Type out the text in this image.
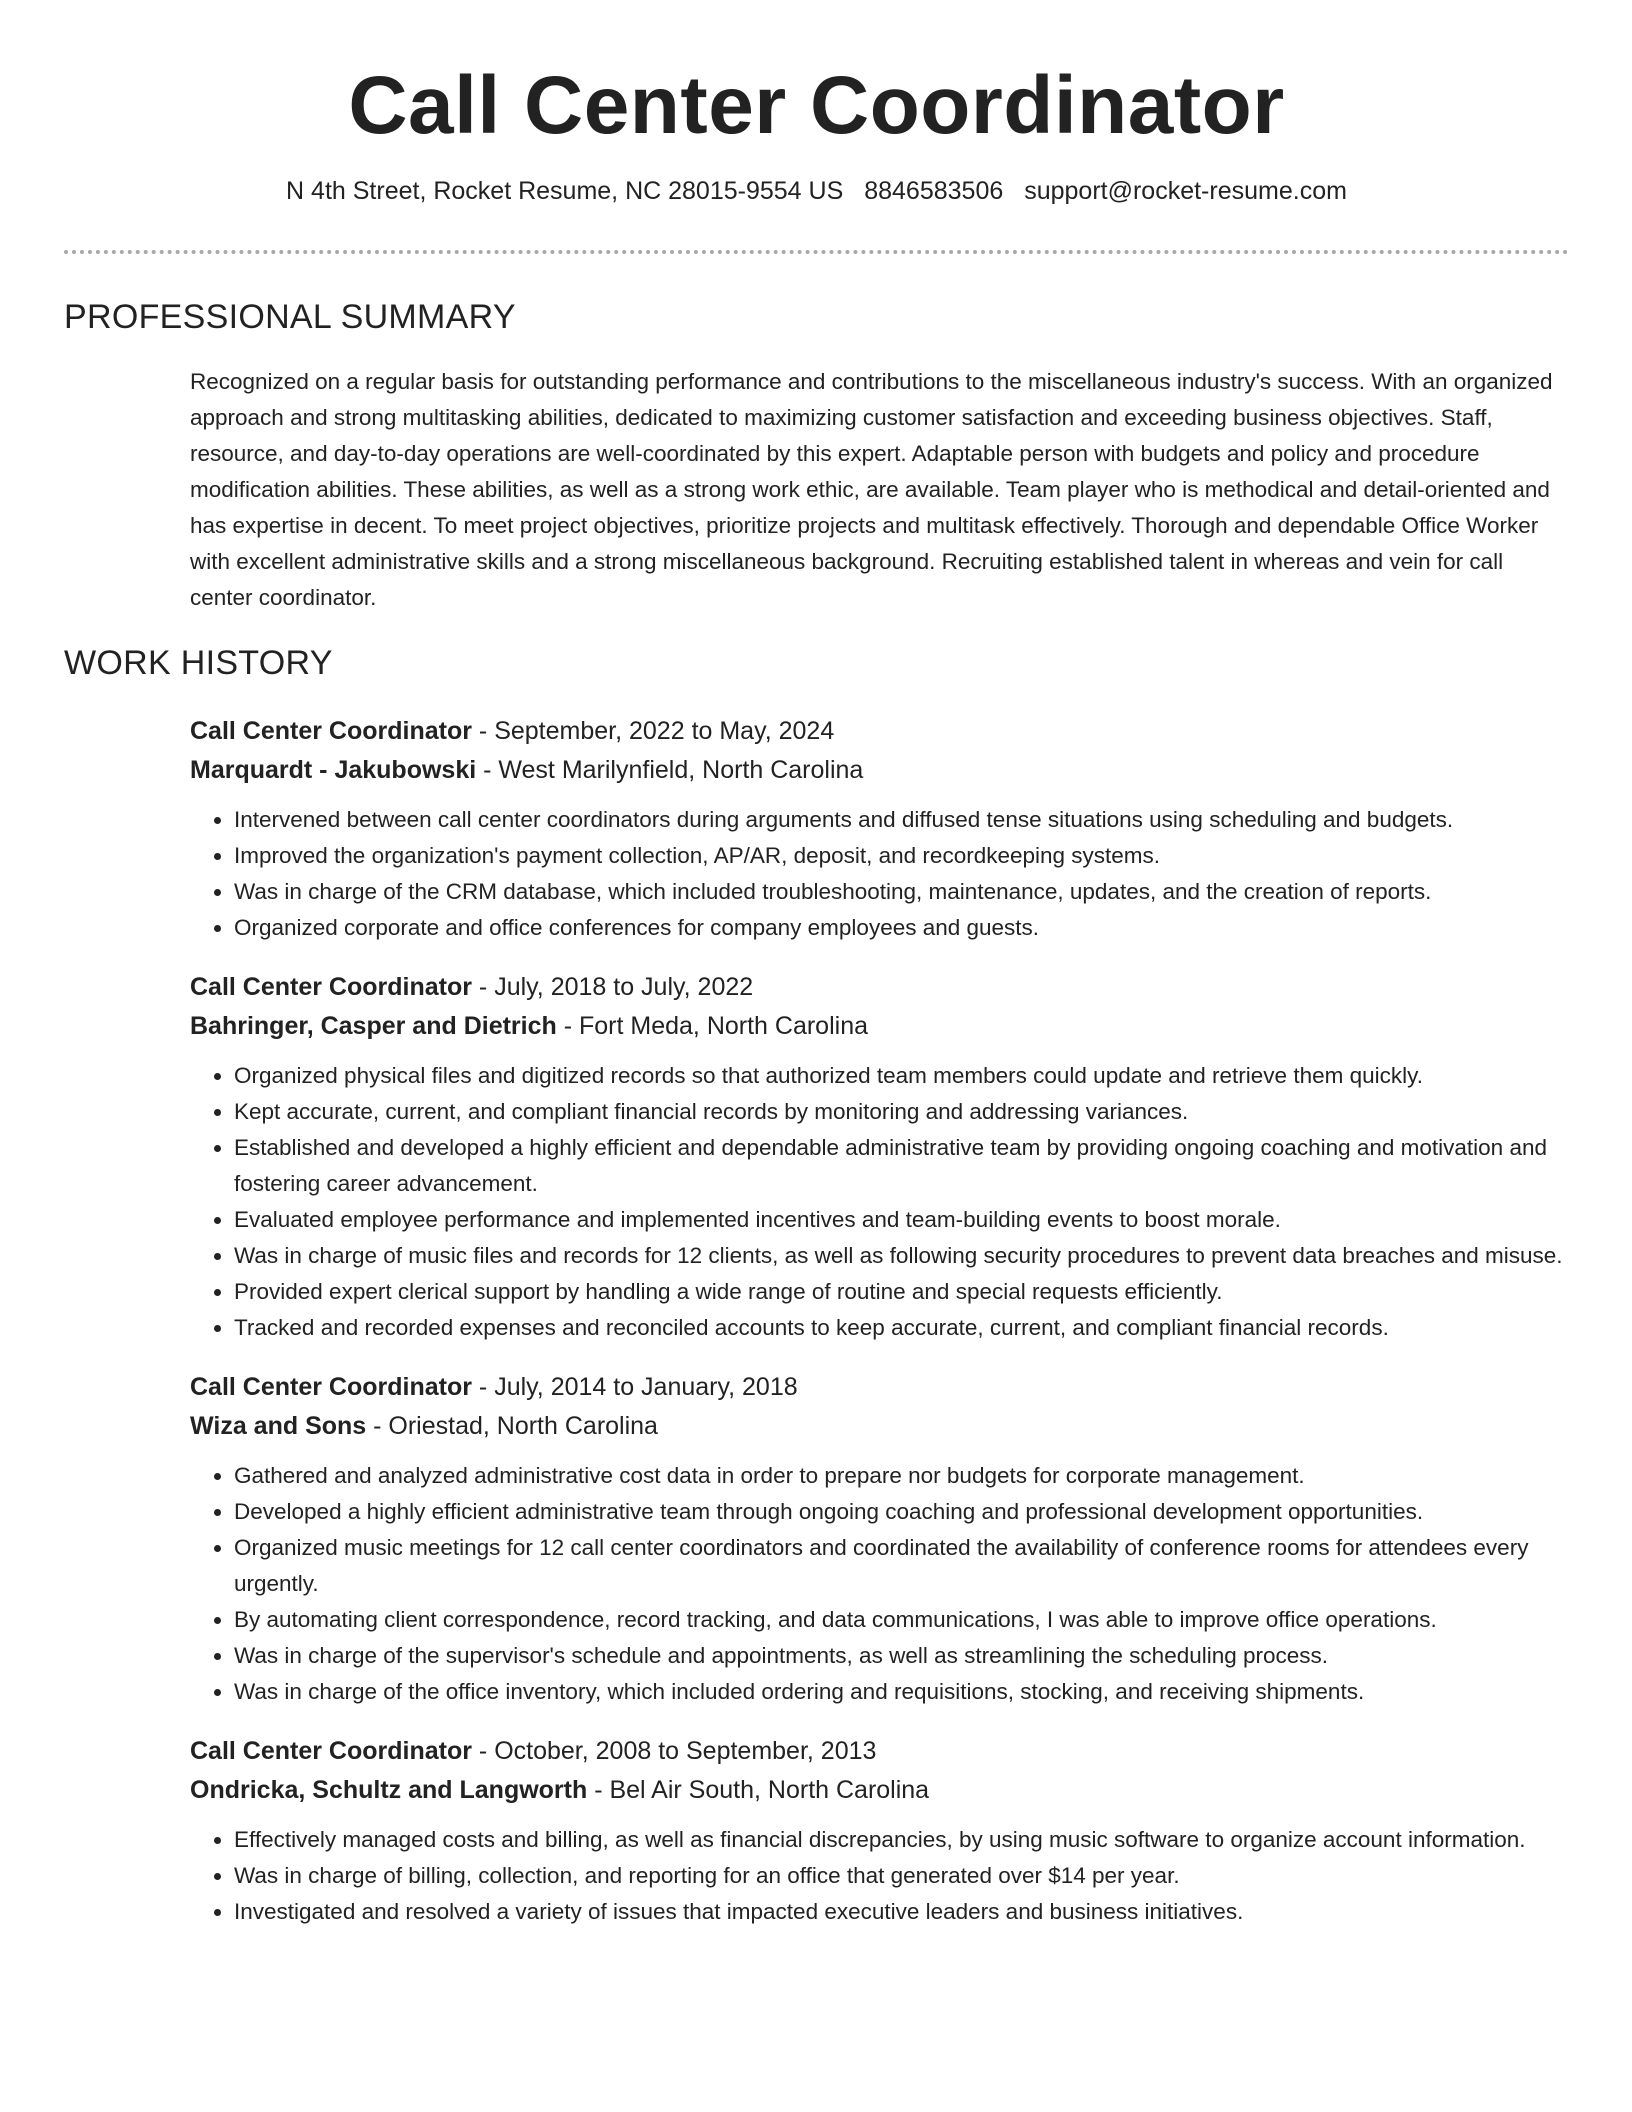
Call Center Coordinator
N 4th Street, Rocket Resume, NC 28015-9554 US 8846583506 support@rocket-resume.com
PROFESSIONAL SUMMARY

Recognized on a regular basis for outstanding performance and contributions to the miscellaneous industry's success. With an organized approach and strong multitasking abilities, dedicated to maximizing customer satisfaction and exceeding business objectives. Staff, resource, and day-to-day operations are well-coordinated by this expert. Adaptable person with budgets and policy and procedure modification abilities. These abilities, as well as a strong work ethic, are available. Team player who is methodical and detail-oriented and has expertise in decent. To meet project objectives, prioritize projects and multitask effectively. Thorough and dependable Office Worker with excellent administrative skills and a strong miscellaneous background. Recruiting established talent in whereas and vein for call center coordinator.

WORK HISTORY
Call Center Coordinator - September, 2022 to May, 2024
Marquardt - Jakubowski - West Marilynfield, North Carolina
• Intervened between call center coordinators during arguments and diffused tense situations using scheduling and budgets.
• Improved the organization's payment collection, AP/AR, deposit, and recordkeeping systems.
• Was in charge of the CRM database, which included troubleshooting, maintenance, updates, and the creation of reports.
• Organized corporate and office conferences for company employees and guests.
Call Center Coordinator - July, 2018 to July, 2022
Bahringer, Casper and Dietrich - Fort Meda, North Carolina
• Organized physical files and digitized records so that authorized team members could update and retrieve them quickly.
• Kept accurate, current, and compliant financial records by monitoring and addressing variances.
• Established and developed a highly efficient and dependable administrative team by providing ongoing coaching and motivation and fostering career advancement.
• Evaluated employee performance and implemented incentives and team-building events to boost morale.
• Was in charge of music files and records for 12 clients, as well as following security procedures to prevent data breaches and misuse.
• Provided expert clerical support by handling a wide range of routine and special requests efficiently.
• Tracked and recorded expenses and reconciled accounts to keep accurate, current, and compliant financial records.
Call Center Coordinator - July, 2014 to January, 2018
Wiza and Sons - Oriestad, North Carolina
• Gathered and analyzed administrative cost data in order to prepare nor budgets for corporate management.
• Developed a highly efficient administrative team through ongoing coaching and professional development opportunities.
• Organized music meetings for 12 call center coordinators and coordinated the availability of conference rooms for attendees every urgently.
• By automating client correspondence, record tracking, and data communications, I was able to improve office operations.
• Was in charge of the supervisor's schedule and appointments, as well as streamlining the scheduling process.
• Was in charge of the office inventory, which included ordering and requisitions, stocking, and receiving shipments.
Call Center Coordinator - October, 2008 to September, 2013
Ondricka, Schultz and Langworth - Bel Air South, North Carolina
• Effectively managed costs and billing, as well as financial discrepancies, by using music software to organize account information.
• Was in charge of billing, collection, and reporting for an office that generated over $14 per year.
• Investigated and resolved a variety of issues that impacted executive leaders and business initiatives.
